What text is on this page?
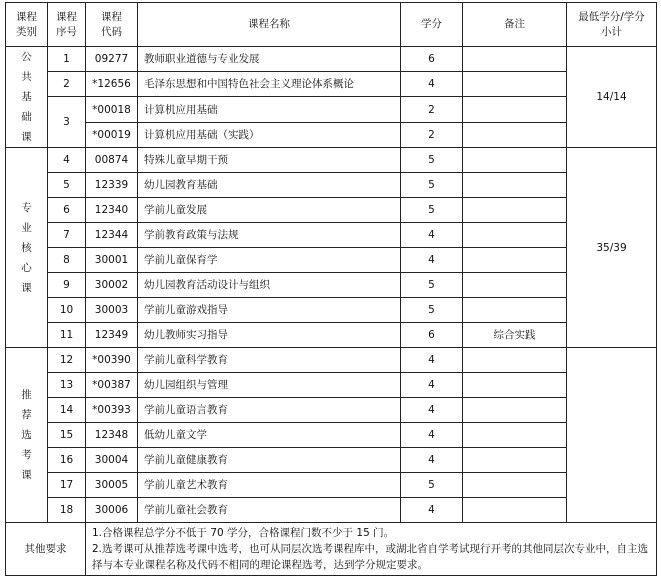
课程类别	课程序号	课程代码	课程名称	学分	备注	最低学分/学分小计

公
共
基
础
课	1	09277	教师职业道德与专业发展	6		14/14
	2	*12656	毛泽东思想和中国特色社会主义理论体系概论	4		
	3	*00018	计算机应用基础	2		
		*00019	计算机应用基础（实践）	2		

专
业
核
心
课	4	00874	特殊儿童早期干预	5		35/39
	5	12339	幼儿园教育基础	5		
	6	12340	学前儿童发展	5		
	7	12344	学前教育政策与法规	4		
	8	30001	学前儿童保育学	4		
	9	30002	幼儿园教育活动设计与组织	5		
	10	30003	学前儿童游戏指导	5		
	11	12349	幼儿教师实习指导	6	综合实践	

推
荐
选
考
课	12	*00390	学前儿童科学教育	4		
	13	*00387	幼儿园组织与管理	4		
	14	*00393	学前儿童语言教育	4		
	15	12348	低幼儿童文学	4		
	16	30004	学前儿童健康教育	4		
	17	30005	学前儿童艺术教育	5		
	18	30006	学前儿童社会教育	4		
其他要求		1.合格课程总学分不低于 70 学分，合格课程门数不少于 15 门。
2.选考课可从推荐选考课中选考，也可从同层次选考课程库中，或湖北省自学考试现行开考的其他同层次专业中，自主选择与本专业课程名称及代码不相同的理论课程选考，达到学分规定要求。				
